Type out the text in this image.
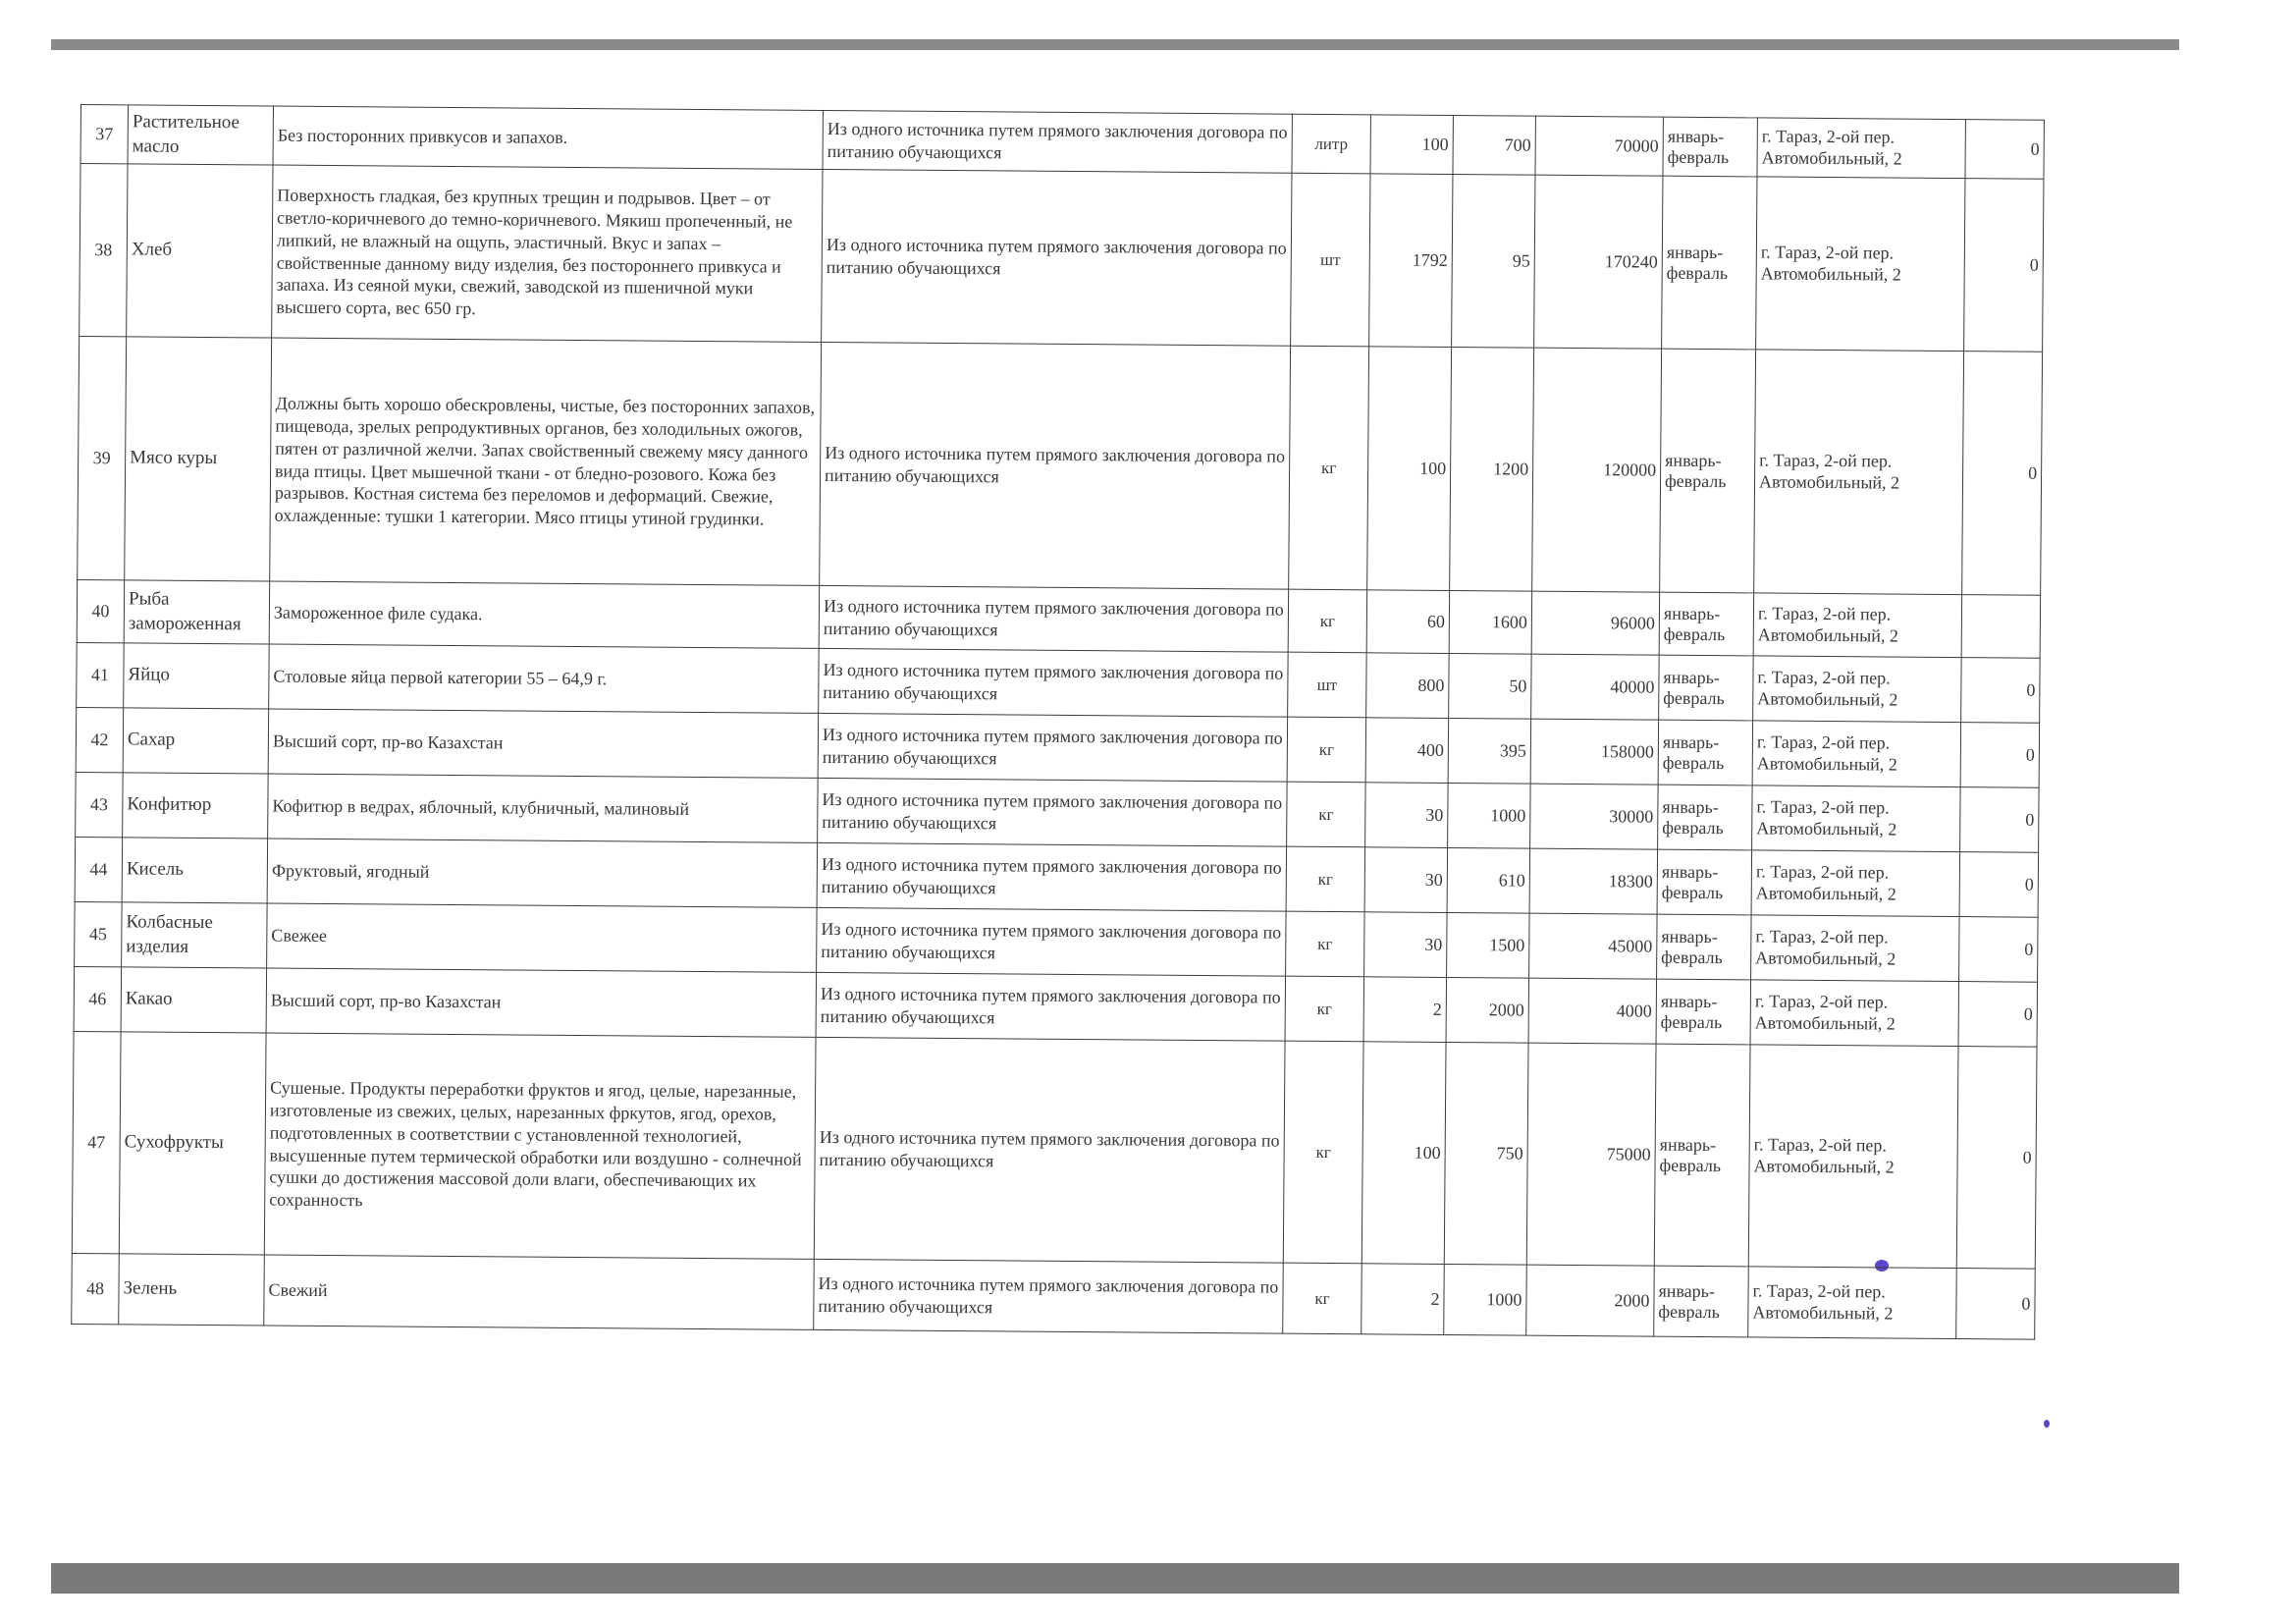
37	Растительное масло	Без посторонних привкусов и запахов.	Из одного источника путем прямого заключения договора по питанию обучающихся	литр	100	700	70000	январь-февраль	г. Тараз, 2-ой пер. Автомобильный, 2	0
38	Хлеб	Поверхность гладкая, без крупных трещин и подрывов. Цвет – от светло-коричневого до темно-коричневого. Мякиш пропеченный, не липкий, не влажный на ощупь, эластичный. Вкус и запах – свойственные данному виду изделия, без постороннего привкуса и запаха. Из сеяной муки, свежий, заводской из пшеничной муки высшего сорта, вес 650 гр.	Из одного источника путем прямого заключения договора по питанию обучающихся	шт	1792	95	170240	январь-февраль	г. Тараз, 2-ой пер. Автомобильный, 2	0
39	Мясо куры	Должны быть хорошо обескровлены, чистые, без посторонних запахов, пищевода, зрелых репродуктивных органов, без холодильных ожогов, пятен от различной желчи. Запах свойственный свежему мясу данного вида птицы. Цвет мышечной ткани - от бледно-розового. Кожа без разрывов. Костная система без переломов и деформаций. Свежие, охлажденные: тушки 1 категории. Мясо птицы утиной грудинки.	Из одного источника путем прямого заключения договора по питанию обучающихся	кг	100	1200	120000	январь-февраль	г. Тараз, 2-ой пер. Автомобильный, 2	0
40	Рыба замороженная	Замороженное филе судака.	Из одного источника путем прямого заключения договора по питанию обучающихся	кг	60	1600	96000	январь-февраль	г. Тараз, 2-ой пер. Автомобильный, 2	
41	Яйцо	Столовые яйца первой категории 55 – 64,9 г.	Из одного источника путем прямого заключения договора по питанию обучающихся	шт	800	50	40000	январь-февраль	г. Тараз, 2-ой пер. Автомобильный, 2	0
42	Сахар	Высший сорт, пр-во Казахстан	Из одного источника путем прямого заключения договора по питанию обучающихся	кг	400	395	158000	январь-февраль	г. Тараз, 2-ой пер. Автомобильный, 2	0
43	Конфитюр	Кофитюр в ведрах, яблочный, клубничный, малиновый	Из одного источника путем прямого заключения договора по питанию обучающихся	кг	30	1000	30000	январь-февраль	г. Тараз, 2-ой пер. Автомобильный, 2	0
44	Кисель	Фруктовый, ягодный	Из одного источника путем прямого заключения договора по питанию обучающихся	кг	30	610	18300	январь-февраль	г. Тараз, 2-ой пер. Автомобильный, 2	0
45	Колбасные изделия	Свежее	Из одного источника путем прямого заключения договора по питанию обучающихся	кг	30	1500	45000	январь-февраль	г. Тараз, 2-ой пер. Автомобильный, 2	0
46	Какао	Высший сорт, пр-во Казахстан	Из одного источника путем прямого заключения договора по питанию обучающихся	кг	2	2000	4000	январь-февраль	г. Тараз, 2-ой пер. Автомобильный, 2	0
47	Сухофрукты	Сушеные. Продукты переработки фруктов и ягод, целые, нарезанные, изготовленые из свежих, целых, нарезанных фркутов, ягод, орехов, подготовленных в соответствии с установленной технологией, высушенные путем термической обработки или воздушно - солнечной сушки до достижения массовой доли влаги, обеспечивающих их сохранность	Из одного источника путем прямого заключения договора по питанию обучающихся	кг	100	750	75000	январь-февраль	г. Тараз, 2-ой пер. Автомобильный, 2	0
48	Зелень	Свежий	Из одного источника путем прямого заключения договора по питанию обучающихся	кг	2	1000	2000	январь-февраль	г. Тараз, 2-ой пер. Автомобильный, 2	0
